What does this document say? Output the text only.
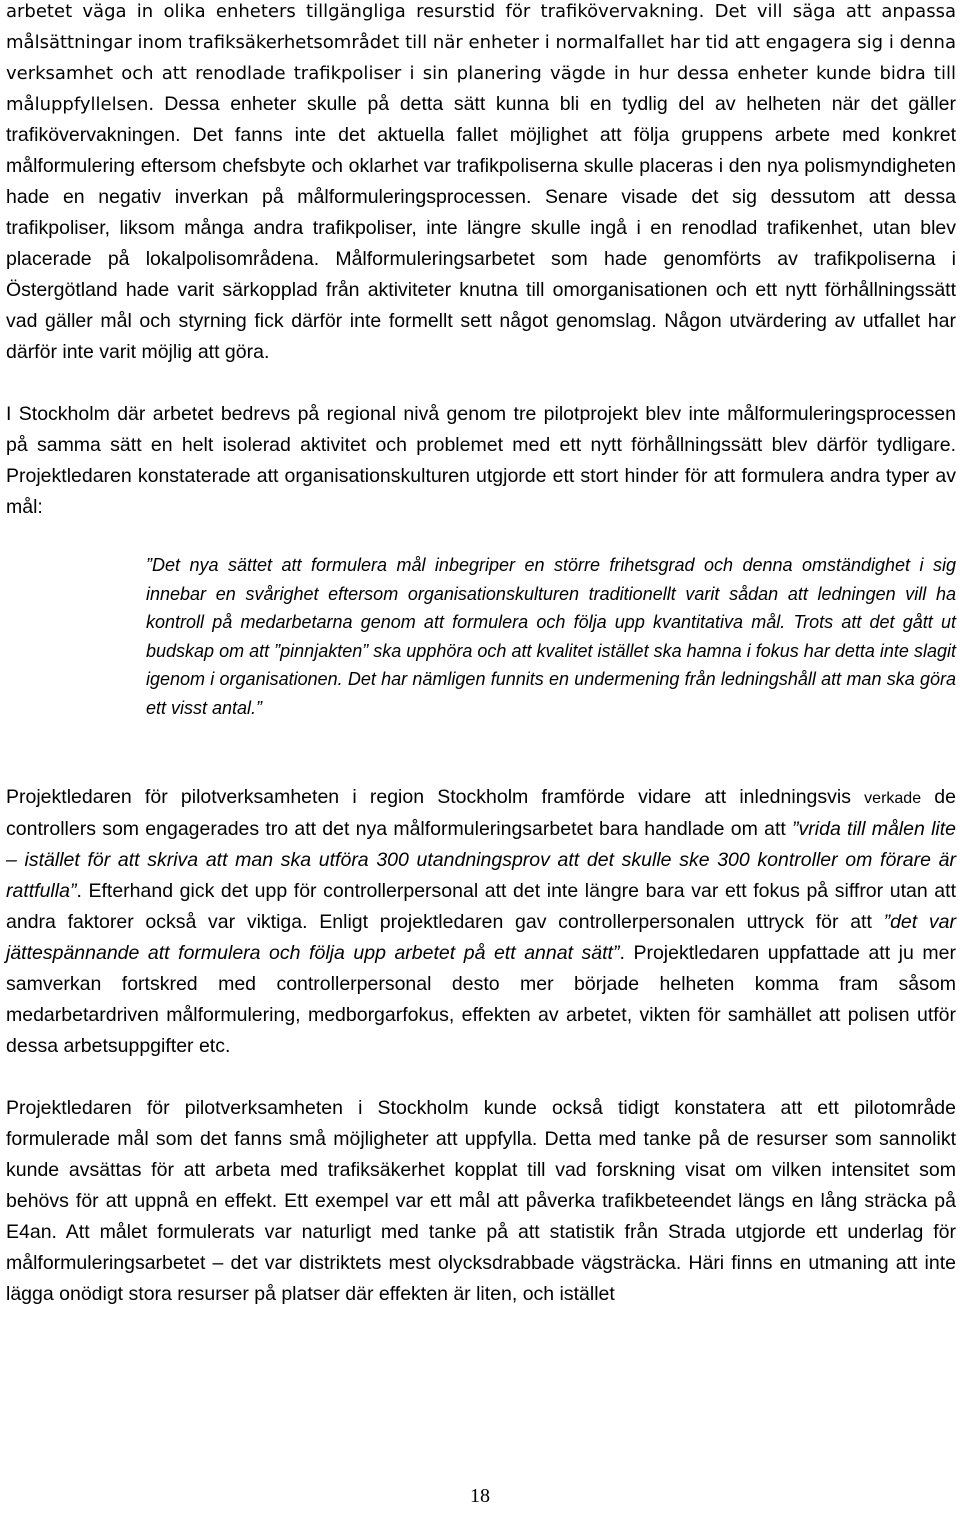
arbetet väga in olika enheters tillgängliga resurstid för trafikövervakning. Det vill säga att anpassa målsättningar inom trafiksäkerhetsområdet till när enheter i normalfallet har tid att engagera sig i denna verksamhet och att renodlade trafikpoliser i sin planering vägde in hur dessa enheter kunde bidra till måluppfyllelsen. Dessa enheter skulle på detta sätt kunna bli en tydlig del av helheten när det gäller trafikövervakningen. Det fanns inte det aktuella fallet möjlighet att följa gruppens arbete med konkret målformulering eftersom chefsbyte och oklarhet var trafikpoliserna skulle placeras i den nya polismyndigheten hade en negativ inverkan på målformuleringsprocessen. Senare visade det sig dessutom att dessa trafikpoliser, liksom många andra trafikpoliser, inte längre skulle ingå i en renodlad trafikenhet, utan blev placerade på lokalpolisområdena. Målformuleringsarbetet som hade genomförts av trafikpoliserna i Östergötland hade varit särkopplad från aktiviteter knutna till omorganisationen och ett nytt förhållningssätt vad gäller mål och styrning fick därför inte formellt sett något genomslag. Någon utvärdering av utfallet har därför inte varit möjlig att göra.

I Stockholm där arbetet bedrevs på regional nivå genom tre pilotprojekt blev inte målformuleringsprocessen på samma sätt en helt isolerad aktivitet och problemet med ett nytt förhållningssätt blev därför tydligare. Projektledaren konstaterade att organisationskulturen utgjorde ett stort hinder för att formulera andra typer av mål:

”Det nya sättet att formulera mål inbegriper en större frihetsgrad och denna omständighet i sig innebar en svårighet eftersom organisationskulturen traditionellt varit sådan att ledningen vill ha kontroll på medarbetarna genom att formulera och följa upp kvantitativa mål. Trots att det gått ut budskap om att ”pinnjakten” ska upphöra och att kvalitet istället ska hamna i fokus har detta inte slagit igenom i organisationen. Det har nämligen funnits en undermening från ledningshåll att man ska göra ett visst antal.”

Projektledaren för pilotverksamheten i region Stockholm framförde vidare att inledningsvis verkade de controllers som engagerades tro att det nya målformuleringsarbetet bara handlade om att ”vrida till målen lite – istället för att skriva att man ska utföra 300 utandningsprov att det skulle ske 300 kontroller om förare är rattfulla”. Efterhand gick det upp för controllerpersonal att det inte längre bara var ett fokus på siffror utan att andra faktorer också var viktiga. Enligt projektledaren gav controllerpersonalen uttryck för att ”det var jättespännande att formulera och följa upp arbetet på ett annat sätt”. Projektledaren uppfattade att ju mer samverkan fortskred med controllerpersonal desto mer började helheten komma fram såsom medarbetardriven målformulering, medborgarfokus, effekten av arbetet, vikten för samhället att polisen utför dessa arbetsuppgifter etc.

Projektledaren för pilotverksamheten i Stockholm kunde också tidigt konstatera att ett pilotområde formulerade mål som det fanns små möjligheter att uppfylla. Detta med tanke på de resurser som sannolikt kunde avsättas för att arbeta med trafiksäkerhet kopplat till vad forskning visat om vilken intensitet som behövs för att uppnå en effekt. Ett exempel var ett mål att påverka trafikbeteendet längs en lång sträcka på E4an. Att målet formulerats var naturligt med tanke på att statistik från Strada utgjorde ett underlag för målformuleringsarbetet – det var distriktets mest olycksdrabbade vägsträcka. Häri finns en utmaning att inte lägga onödigt stora resurser på platser där effekten är liten, och istället

18
